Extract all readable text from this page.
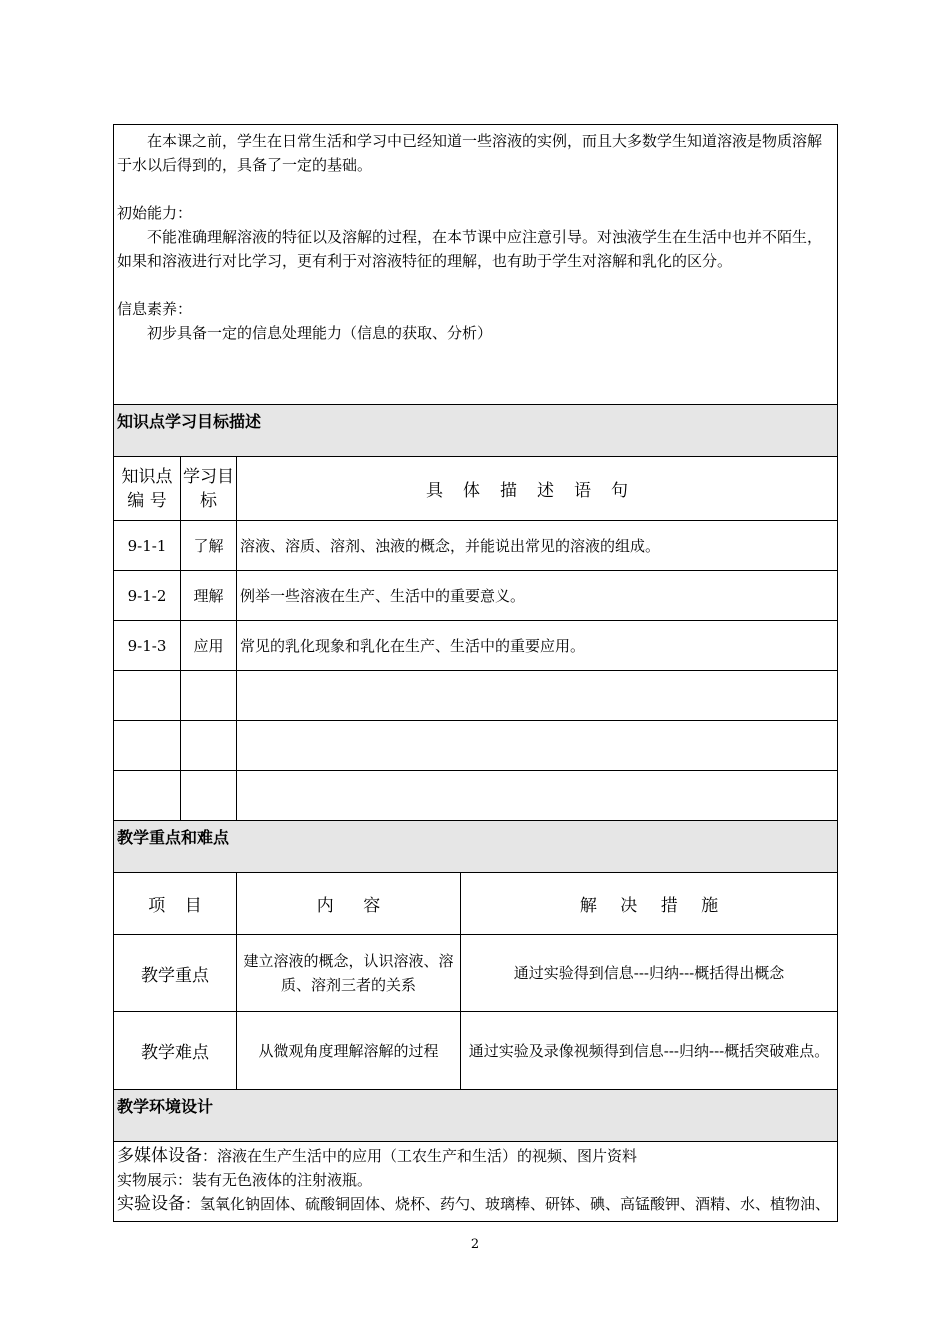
在本课之前，学生在日常生活和学习中已经知道一些溶液的实例，而且大多数学生知道溶液是物质溶解于水以后得到的，具备了一定的基础。

初始能力：

不能准确理解溶液的特征以及溶解的过程，在本节课中应注意引导。对浊液学生在生活中也并不陌生，如果和溶液进行对比学习，更有利于对溶液特征的理解，也有助于学生对溶解和乳化的区分。

信息素养：

初步具备一定的信息处理能力（信息的获取、分析）			

知识点学习目标描述			
知识点编 号	学习目标	具体描述语句	
9-1-1	了解	溶液、溶质、溶剂、浊液的概念，并能说出常见的溶液的组成。	
9-1-2	理解	例举一些溶液在生产、生活中的重要意义。	
9-1-3	应用	常见的乳化现象和乳化在生产、生活中的重要应用。	

教学重点和难点			
项 目		内 容	解 决 措 施
教学重点		建立溶液的概念，认识溶液、溶质、溶剂三者的关系	通过实验得到信息---归纳---概括得出概念
教学难点		从微观角度理解溶解的过程	通过实验及录像视频得到信息---归纳---概括突破难点。
教学环境设计			

多媒体设备：溶液在生产生活中的应用（工农生产和生活）的视频、图片资料

实物展示：装有无色液体的注射液瓶。

实验设备：氢氧化钠固体、硫酸铜固体、烧杯、药勺、玻璃棒、研钵、碘、高锰酸钾、酒精、水、植物油、			

2
